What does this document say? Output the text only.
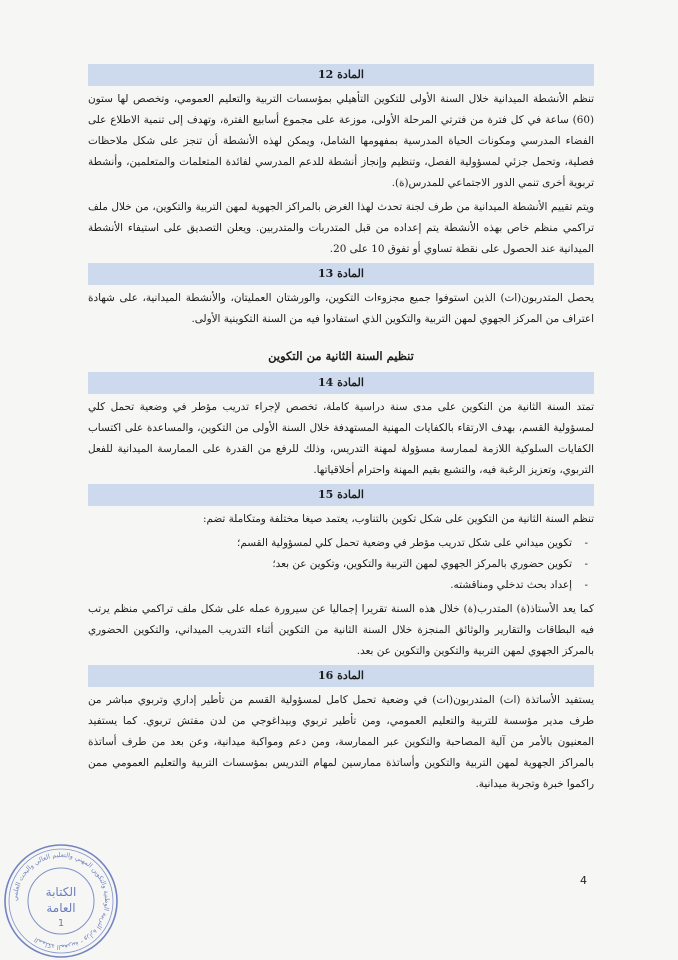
المادة 12

تنظم الأنشطة الميدانية خلال السنة الأولى للتكوين التأهيلي بمؤسسات التربية والتعليم العمومي، وتخصص لها ستون (60) ساعة في كل فترة من فترتي المرحلة الأولى، موزعة على مجموع أسابيع الفترة، وتهدف إلى تنمية الاطلاع على الفضاء المدرسي ومكونات الحياة المدرسية بمفهومها الشامل، ويمكن لهذه الأنشطة أن تنجز على شكل ملاحظات فصلية، وتحمل جزئي لمسؤولية الفصل، وتنظيم وإنجاز أنشطة للدعم المدرسي لفائدة المتعلمات والمتعلمين، وأنشطة تربوية أخرى تنمي الدور الاجتماعي للمدرس(ة).

ويتم تقييم الأنشطة الميدانية من طرف لجنة تحدث لهذا الغرض بالمراكز الجهوية لمهن التربية والتكوين، من خلال ملف تراكمي منظم خاص بهذه الأنشطة يتم إعداده من قبل المتدربات والمتدربين. ويعلن التصديق على استيفاء الأنشطة الميدانية عند الحصول على نقطة تساوي أو تفوق 10 على 20.

المادة 13

يحصل المتدربون(ات) الذين استوفوا جميع مجزوءات التكوين، والورشتان العمليتان، والأنشطة الميدانية، على شهادة اعتراف من المركز الجهوي لمهن التربية والتكوين الذي استفادوا فيه من السنة التكوينية الأولى.

تنظيم السنة الثانية من التكوين
المادة 14

تمتد السنة الثانية من التكوين على مدى سنة دراسية كاملة، تخصص لإجراء تدريب مؤطر في وضعية تحمل كلي لمسؤولية القسم، بهدف الارتقاء بالكفايات المهنية المستهدفة خلال السنة الأولى من التكوين، والمساعدة على اكتساب الكفايات السلوكية اللازمة لممارسة مسؤولة لمهنة التدريس، وذلك للرفع من القدرة على الممارسة الميدانية للفعل التربوي، وتعزيز الرغبة فيه، والتشبع بقيم المهنة واحترام أخلاقياتها.

المادة 15

تنظم السنة الثانية من التكوين على شكل تكوين بالتناوب، يعتمد صيغا مختلفة ومتكاملة تضم:

- تكوين ميداني على شكل تدريب مؤطر في وضعية تحمل كلي لمسؤولية القسم؛
- تكوين حضوري بالمركز الجهوي لمهن التربية والتكوين، وتكوين عن بعد؛
- إعداد بحث تدخلي ومناقشته.

كما يعد الأستاذ(ة) المتدرب(ة) خلال هذه السنة تقريرا إجماليا عن سيرورة عمله على شكل ملف تراكمي منظم يرتب فيه البطاقات والتقارير والوثائق المنجزة خلال السنة الثانية من التكوين أثناء التدريب الميداني، والتكوين الحضوري بالمركز الجهوي لمهن التربية والتكوين والتكوين عن بعد.

المادة 16

يستفيد الأساتذة (ات) المتدربون(ات) في وضعية تحمل كامل لمسؤولية القسم من تأطير إداري وتربوي مباشر من طرف مدير مؤسسة للتربية والتعليم العمومي، ومن تأطير تربوي وبيداغوجي من لدن مفتش تربوي. كما يستفيد المعنيون بالأمر من آلية المصاحبة والتكوين عبر الممارسة، ومن دعم ومواكبة ميدانية، وعن بعد من طرف أساتذة بالمراكز الجهوية لمهن التربية والتكوين وأساتذة ممارسين لمهام التدريس بمؤسسات التربية والتعليم العمومي ممن راكموا خبرة وتجربة ميدانية.

4
المملكة المغربية - وزارة التربية الوطنية والتكوين المهني والتعليم العالي والبحث العلمي
الكتابة
العامة
1
